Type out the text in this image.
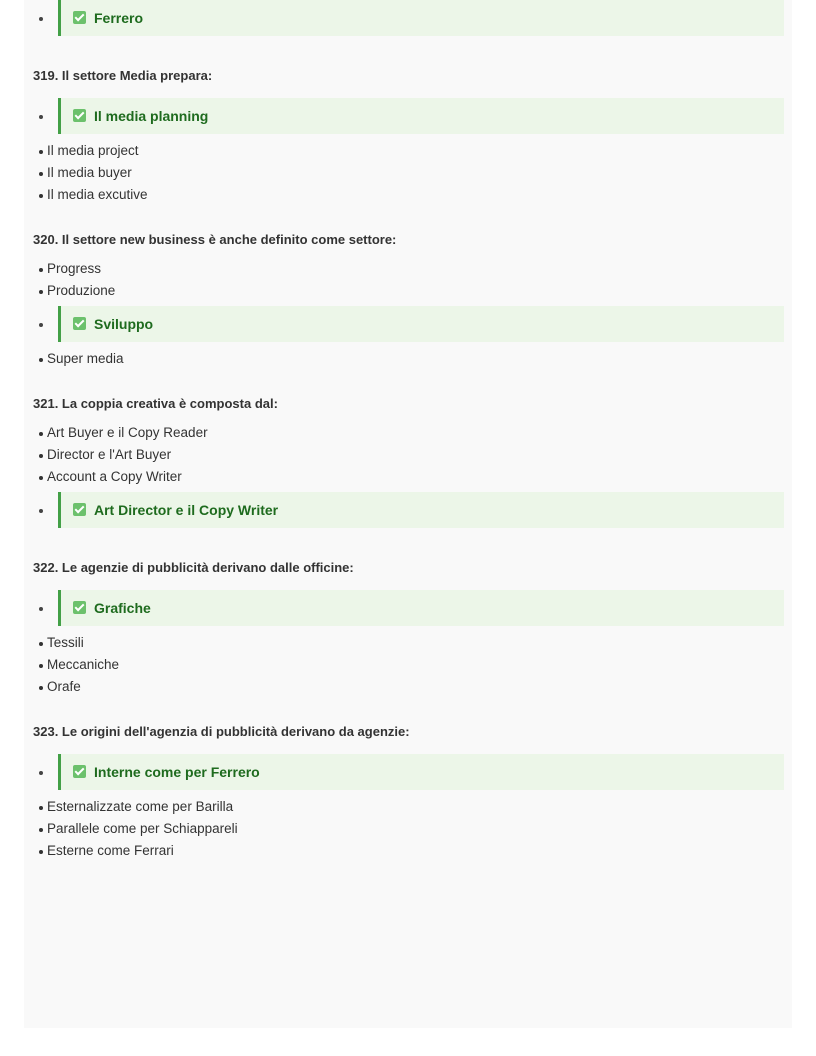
Ferrero

319. Il settore Media prepara:

Il media planning
Il media project
Il media buyer
Il media excutive

320. Il settore new business è anche definito come settore:

Progress
Produzione
Sviluppo
Super media

321. La coppia creativa è composta dal:

Art Buyer e il Copy Reader
Director e l'Art Buyer
Account a Copy Writer
Art Director e il Copy Writer

322. Le agenzie di pubblicità derivano dalle officine:

Grafiche
Tessili
Meccaniche
Orafe

323. Le origini dell'agenzia di pubblicità derivano da agenzie:

Interne come per Ferrero
Esternalizzate come per Barilla
Parallele come per Schiappareli
Esterne come Ferrari
